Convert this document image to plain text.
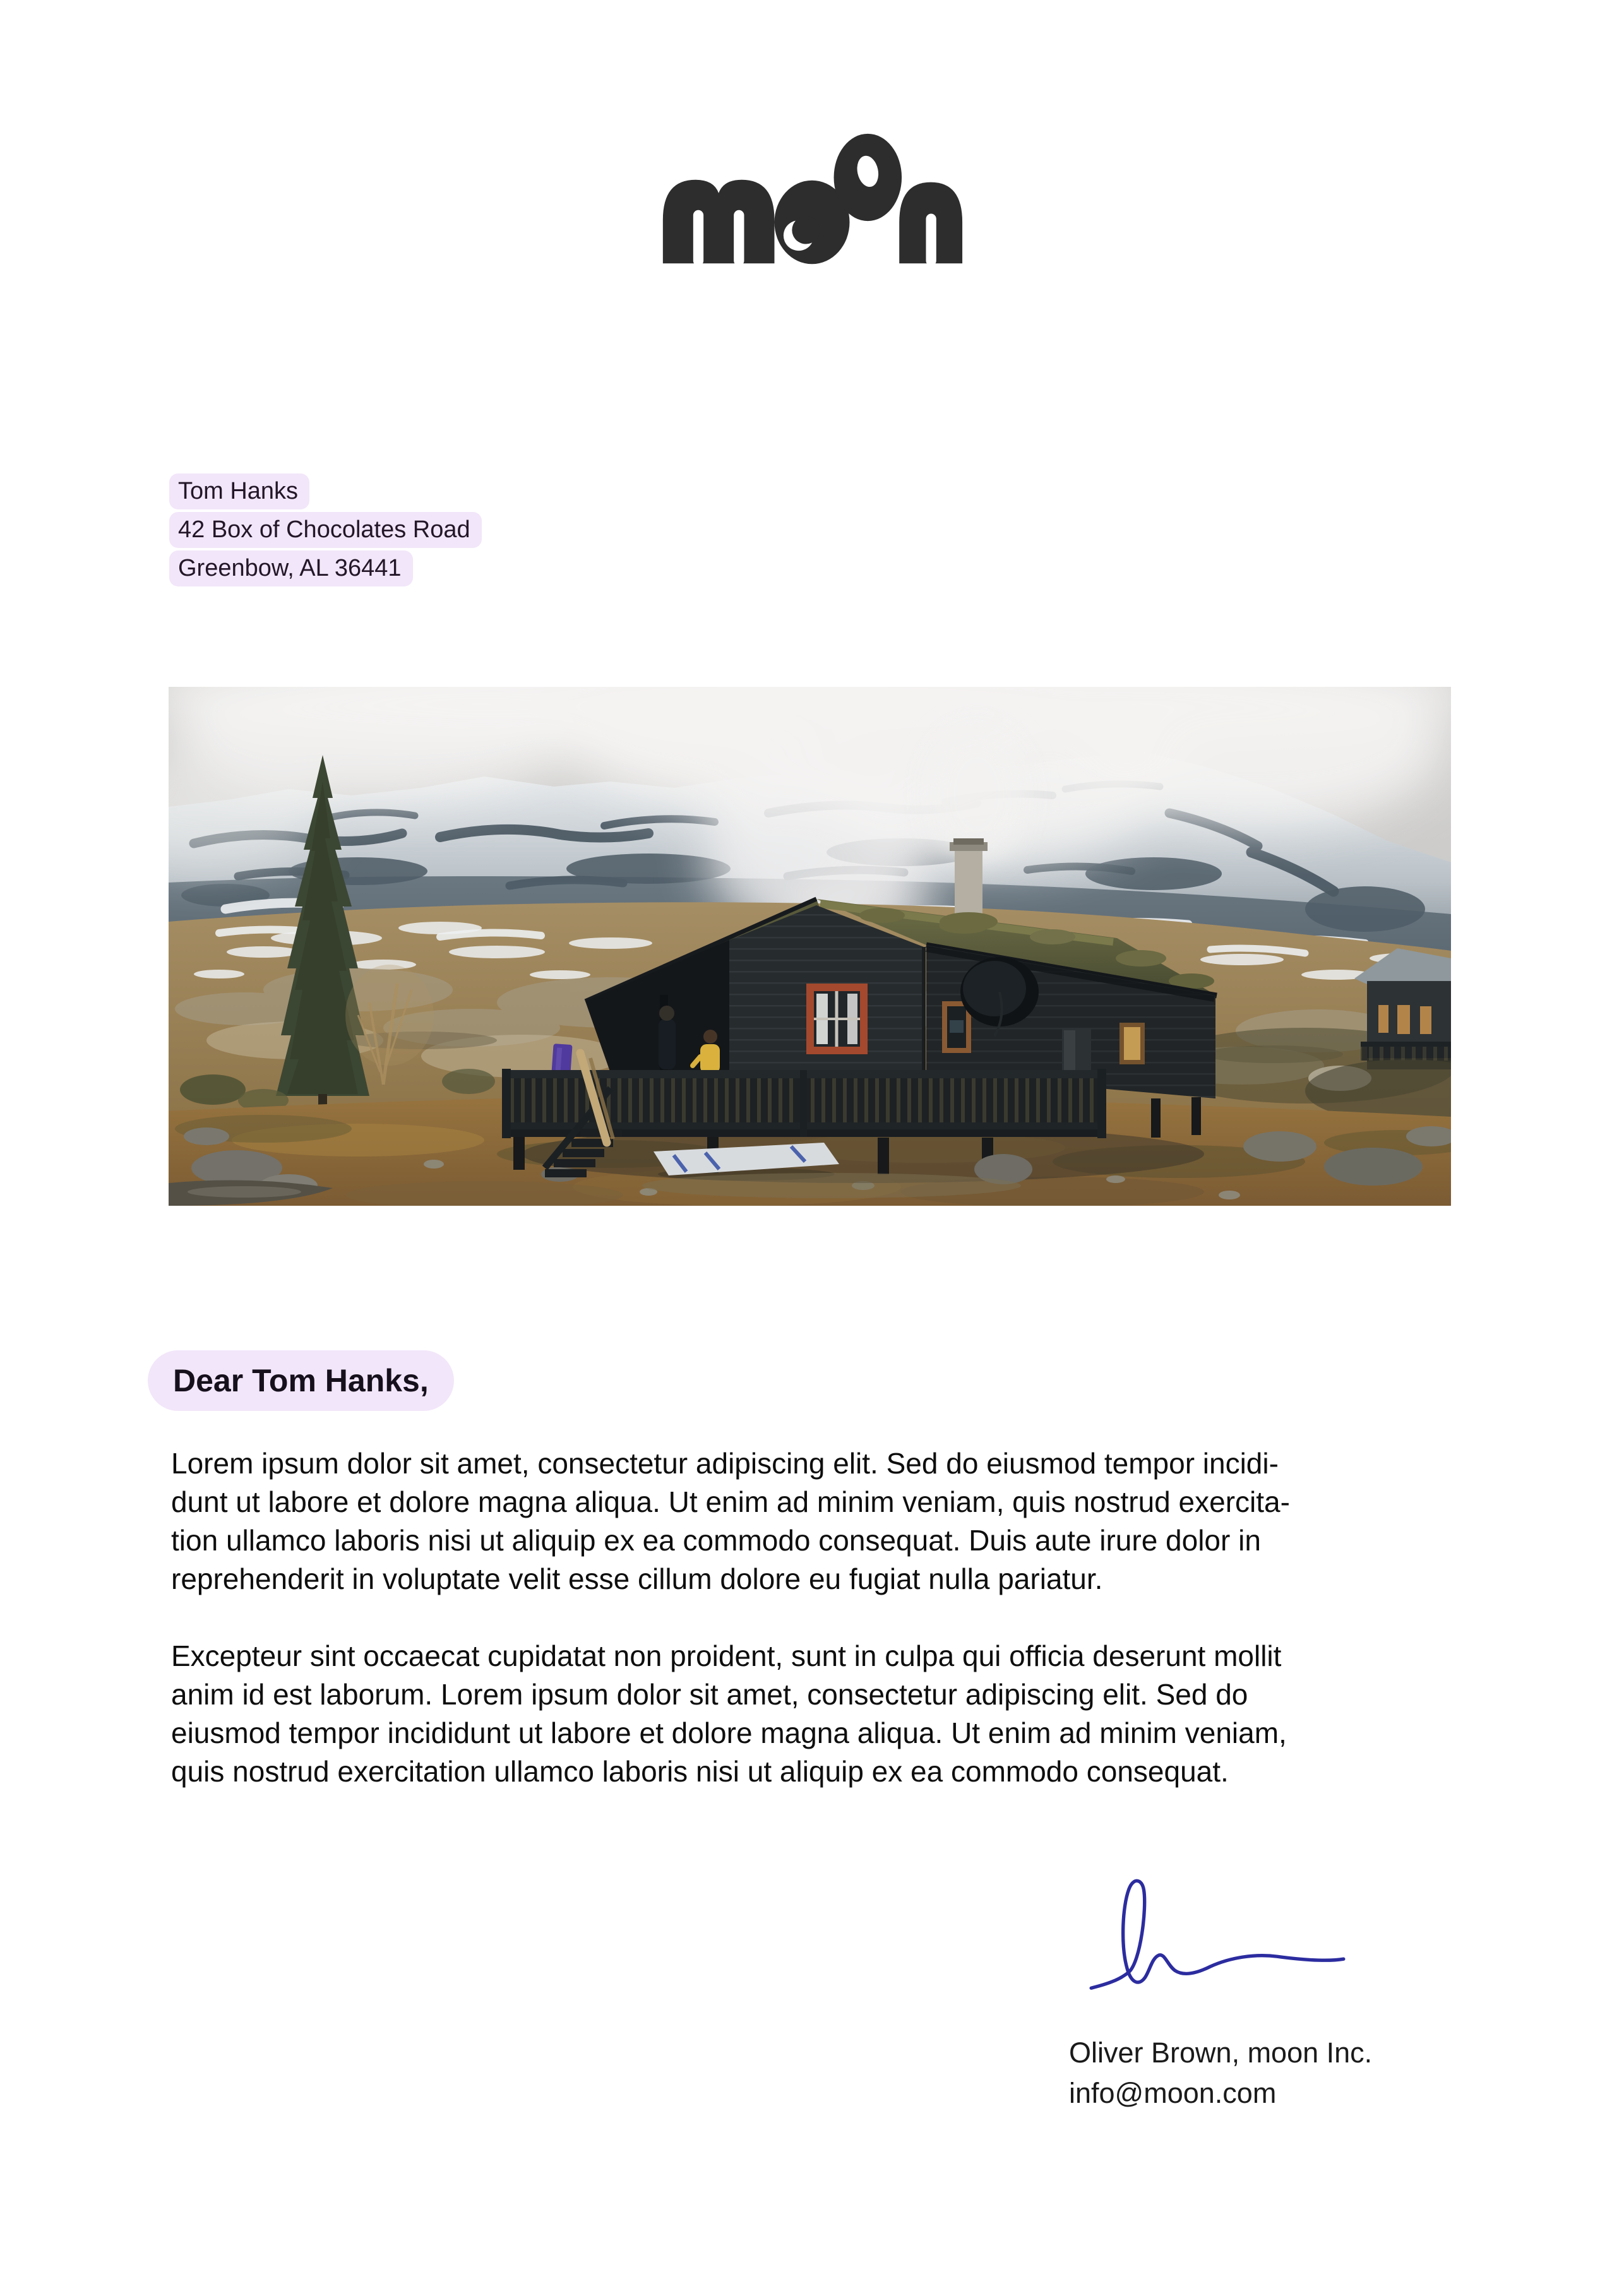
Tom Hanks
42 Box of Chocolates Road
Greenbow, AL 36441
Dear Tom Hanks,
Lorem ipsum dolor sit amet, consectetur adipiscing elit. Sed do eiusmod tempor incidi-
dunt ut labore et dolore magna aliqua. Ut enim ad minim veniam, quis nostrud exercita-
tion ullamco laboris nisi ut aliquip ex ea commodo consequat. Duis aute irure dolor in
reprehenderit in voluptate velit esse cillum dolore eu fugiat nulla pariatur.
Excepteur sint occaecat cupidatat non proident, sunt in culpa qui officia deserunt mollit
anim id est laborum. Lorem ipsum dolor sit amet, consectetur adipiscing elit. Sed do
eiusmod tempor incididunt ut labore et dolore magna aliqua. Ut enim ad minim veniam,
quis nostrud exercitation ullamco laboris nisi ut aliquip ex ea commodo consequat.
Oliver Brown, moon Inc.
info@moon.com
